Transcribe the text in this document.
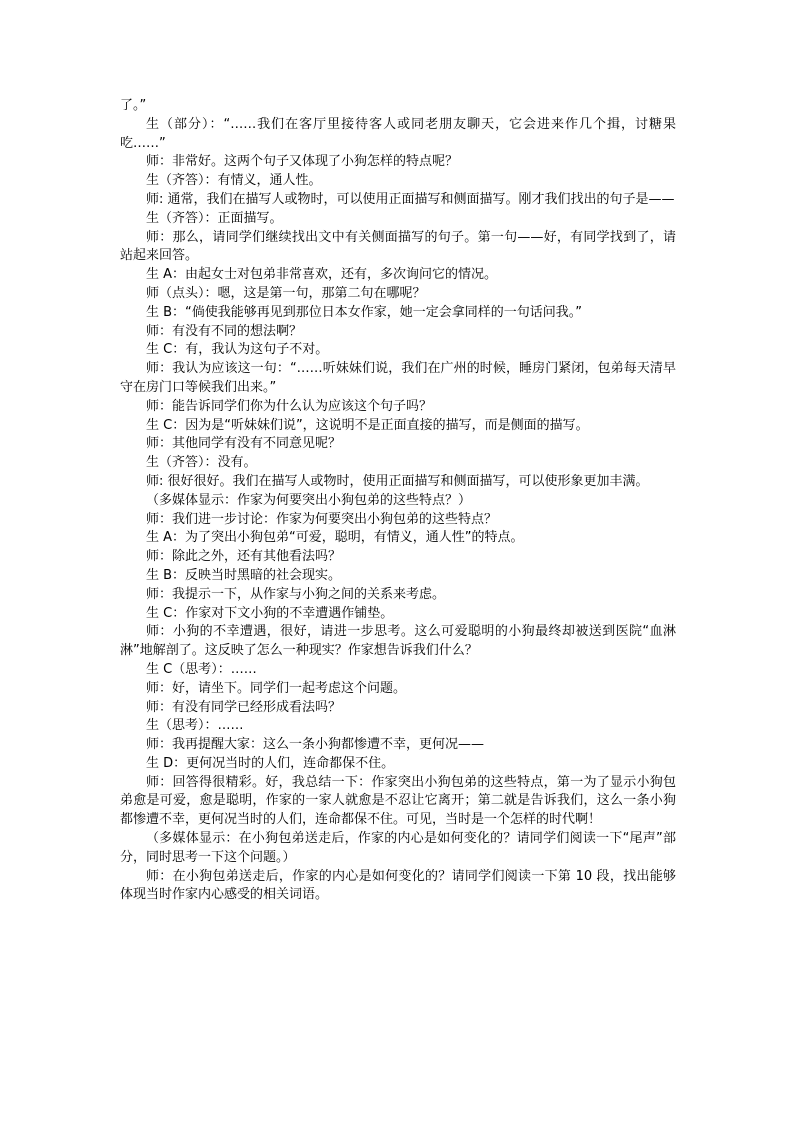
了。”

生（部分）：“……我们在客厅里接待客人或同老朋友聊天，它会进来作几个揖，讨糖果吃……”

师：非常好。这两个句子又体现了小狗怎样的特点呢？

生（齐答）：有情义，通人性。

师: 通常，我们在描写人或物时，可以使用正面描写和侧面描写。刚才我们找出的句子是——

生（齐答）：正面描写。

师：那么，请同学们继续找出文中有关侧面描写的句子。第一句——好，有同学找到了，请站起来回答。

生 A：由起女士对包弟非常喜欢，还有，多次询问它的情况。

师（点头）：嗯，这是第一句，那第二句在哪呢？

生 B：“倘使我能够再见到那位日本女作家，她一定会拿同样的一句话问我。”

师：有没有不同的想法啊？

生 C：有，我认为这句子不对。

师：我认为应该这一句：“……听妹妹们说，我们在广州的时候，睡房门紧闭，包弟每天清早守在房门口等候我们出来。”

师：能告诉同学们你为什么认为应该这个句子吗？

生 C：因为是“听妹妹们说”，这说明不是正面直接的描写，而是侧面的描写。

师：其他同学有没有不同意见呢？

生（齐答）：没有。

师: 很好很好。我们在描写人或物时，使用正面描写和侧面描写，可以使形象更加丰满。

（多媒体显示：作家为何要突出小狗包弟的这些特点？）

师：我们进一步讨论：作家为何要突出小狗包弟的这些特点？

生 A：为了突出小狗包弟“可爱，聪明，有情义，通人性”的特点。

师：除此之外，还有其他看法吗？

生 B：反映当时黑暗的社会现实。

师：我提示一下，从作家与小狗之间的关系来考虑。

生 C：作家对下文小狗的不幸遭遇作铺垫。

师：小狗的不幸遭遇，很好，请进一步思考。这么可爱聪明的小狗最终却被送到医院“血淋淋”地解剖了。这反映了怎么一种现实？作家想告诉我们什么？

生 C（思考）：……

师：好，请坐下。同学们一起考虑这个问题。

师：有没有同学已经形成看法吗？

生（思考）：……

师：我再提醒大家：这么一条小狗都惨遭不幸，更何况——

生 D：更何况当时的人们，连命都保不住。

师：回答得很精彩。好，我总结一下：作家突出小狗包弟的这些特点，第一为了显示小狗包弟愈是可爱，愈是聪明，作家的一家人就愈是不忍让它离开；第二就是告诉我们，这么一条小狗都惨遭不幸，更何况当时的人们，连命都保不住。可见，当时是一个怎样的时代啊！

（多媒体显示：在小狗包弟送走后，作家的内心是如何变化的？请同学们阅读一下“尾声”部分，同时思考一下这个问题。）

师：在小狗包弟送走后，作家的内心是如何变化的？请同学们阅读一下第 10 段，找出能够体现当时作家内心感受的相关词语。
